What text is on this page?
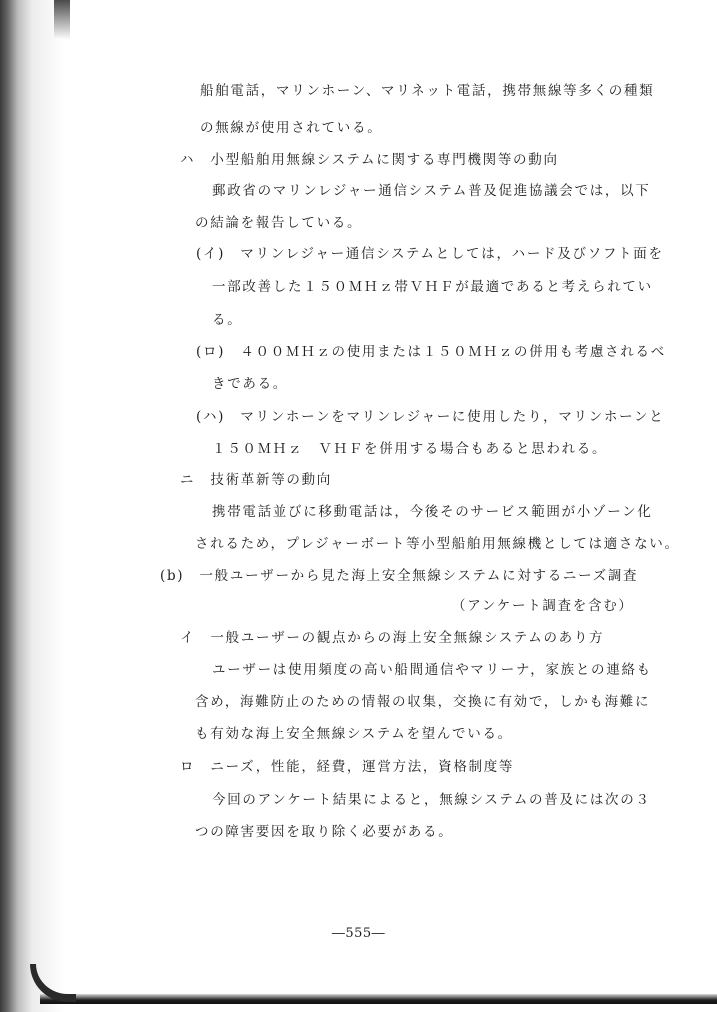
船舶電話，マリンホーン、マリネット電話，携帯無線等多くの種類
の無線が使用されている。
ハ　小型船舶用無線システムに関する専門機関等の動向
郵政省のマリンレジャー通信システム普及促進協議会では，以下
の結論を報告している。
(イ)　マリンレジャー通信システムとしては，ハード及びソフト面を
一部改善した１５０ＭＨｚ帯ＶＨＦが最適であると考えられてい
る。
(ロ)　４００ＭＨｚの使用または１５０ＭＨｚの併用も考慮されるべ
きである。
(ハ)　マリンホーンをマリンレジャーに使用したり，マリンホーンと
１５０ＭＨｚ　ＶＨＦを併用する場合もあると思われる。
ニ　技術革新等の動向
携帯電話並びに移動電話は，今後そのサービス範囲が小ゾーン化
されるため，プレジャーボート等小型船舶用無線機としては適さない。
(b)　一般ユーザーから見た海上安全無線システムに対するニーズ調査
（アンケート調査を含む）
イ　一般ユーザーの観点からの海上安全無線システムのあり方
ユーザーは使用頻度の高い船間通信やマリーナ，家族との連絡も
含め，海難防止のための情報の収集，交換に有効で，しかも海難に
も有効な海上安全無線システムを望んでいる。
ロ　ニーズ，性能，経費，運営方法，資格制度等
今回のアンケート結果によると，無線システムの普及には次の３
つの障害要因を取り除く必要がある。
―555―
